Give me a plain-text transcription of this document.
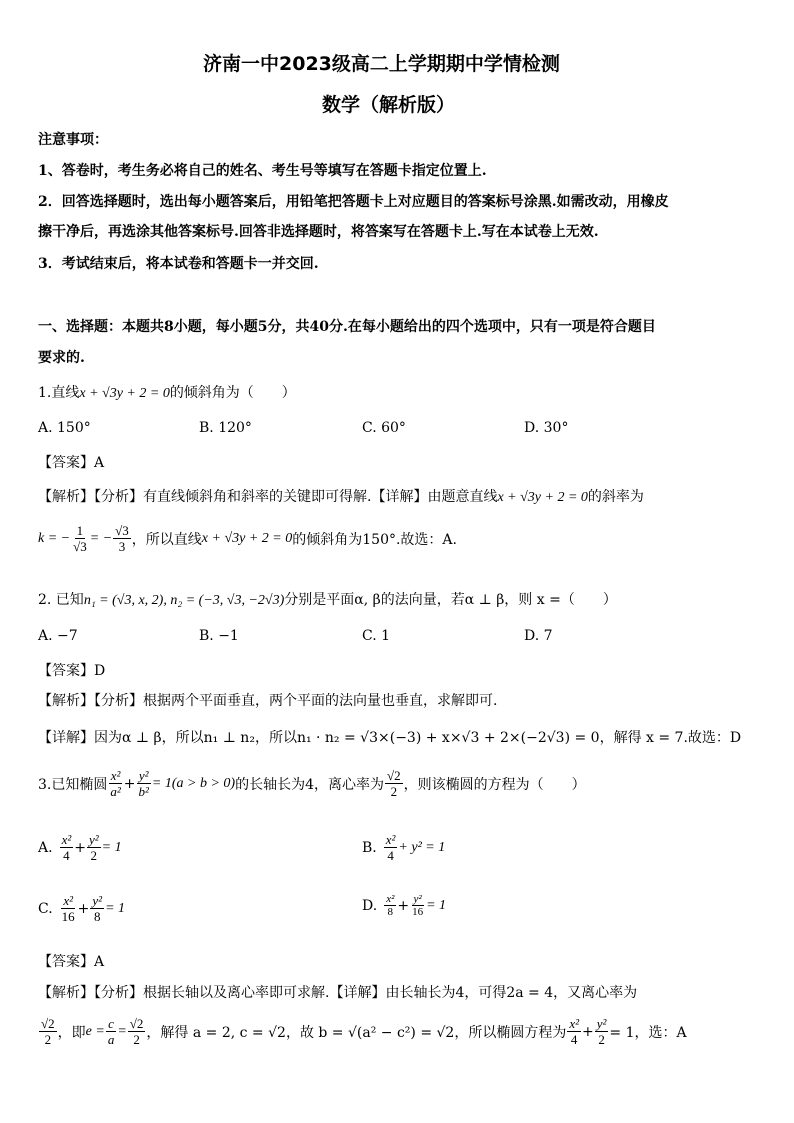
济南一中2023级高二上学期期中学情检测
数学（解析版）
注意事项：
1、答卷时，考生务必将自己的姓名、考生号等填写在答题卡指定位置上.
2．回答选择题时，选出每小题答案后，用铅笔把答题卡上对应题目的答案标号涂黑.如需改动，用橡皮
擦干净后，再选涂其他答案标号.回答非选择题时，将答案写在答题卡上.写在本试卷上无效.
3．考试结束后，将本试卷和答题卡一并交回.
一、选择题：本题共8小题，每小题5分，共40分.在每小题给出的四个选项中，只有一项是符合题目
要求的.
1.直线x + √3y + 2 = 0的倾斜角为（　　）
A. 150°	B. 120°	C. 60°	D. 30°
【答案】A
【解析】【分析】有直线倾斜角和斜率的关键即可得解.【详解】由题意直线x + √3y + 2 = 0的斜率为
k = − $\frac{1}{√3}$ = − $\frac{√3}{3}$ ，所以直线 x + √3y + 2 = 0 的倾斜角为150°.故选：A.
2. 已知n₁ = (√3, x, 2), n₂ = (−3, √3, −2√3)分别是平面α, β的法向量，若α ⊥ β，则 x =（　　）
A. −7	B. −1	C. 1	D. 7
【答案】D
【解析】【分析】根据两个平面垂直，两个平面的法向量也垂直，求解即可.
【详解】因为α ⊥ β，所以n₁ ⊥ n₂，所以n₁ · n₂ = √3×(−3) + x×√3 + 2×(−2√3) = 0，解得 x = 7.故选：D
3.已知椭圆 $\frac{\text{x²}}{\text{a²}} + \frac{\text{y²}}{\text{b²}} = 1(a > b > 0)$ 的长轴长为4，离心率为 $\frac{√2}{2}$ ，则该椭圆的方程为（　　）
A. $\frac{\text{x²}}{4} + \frac{\text{y²}}{2} = 1$	B. $\frac{\text{x²}}{4} + y^2 = 1$
C. $\frac{\text{x²}}{16} + \frac{\text{y²}}{8} = 1$	D. $\frac{\text{x²}}{8} + \frac{\text{y²}}{16} = 1$
【答案】A
【解析】【分析】根据长轴以及离心率即可求解.【详解】由长轴长为4，可得2a = 4，又离心率为
$\frac{√2}{2}$ ，即 $e = \frac{c}{a} = \frac{√2}{2}$ ，解得 a = 2, c = √2，故 b = √(a² − c²) = √2，所以椭圆方程为 $\frac{\text{x²}}{4} + \frac{\text{y²}}{2} = 1$，选：A
